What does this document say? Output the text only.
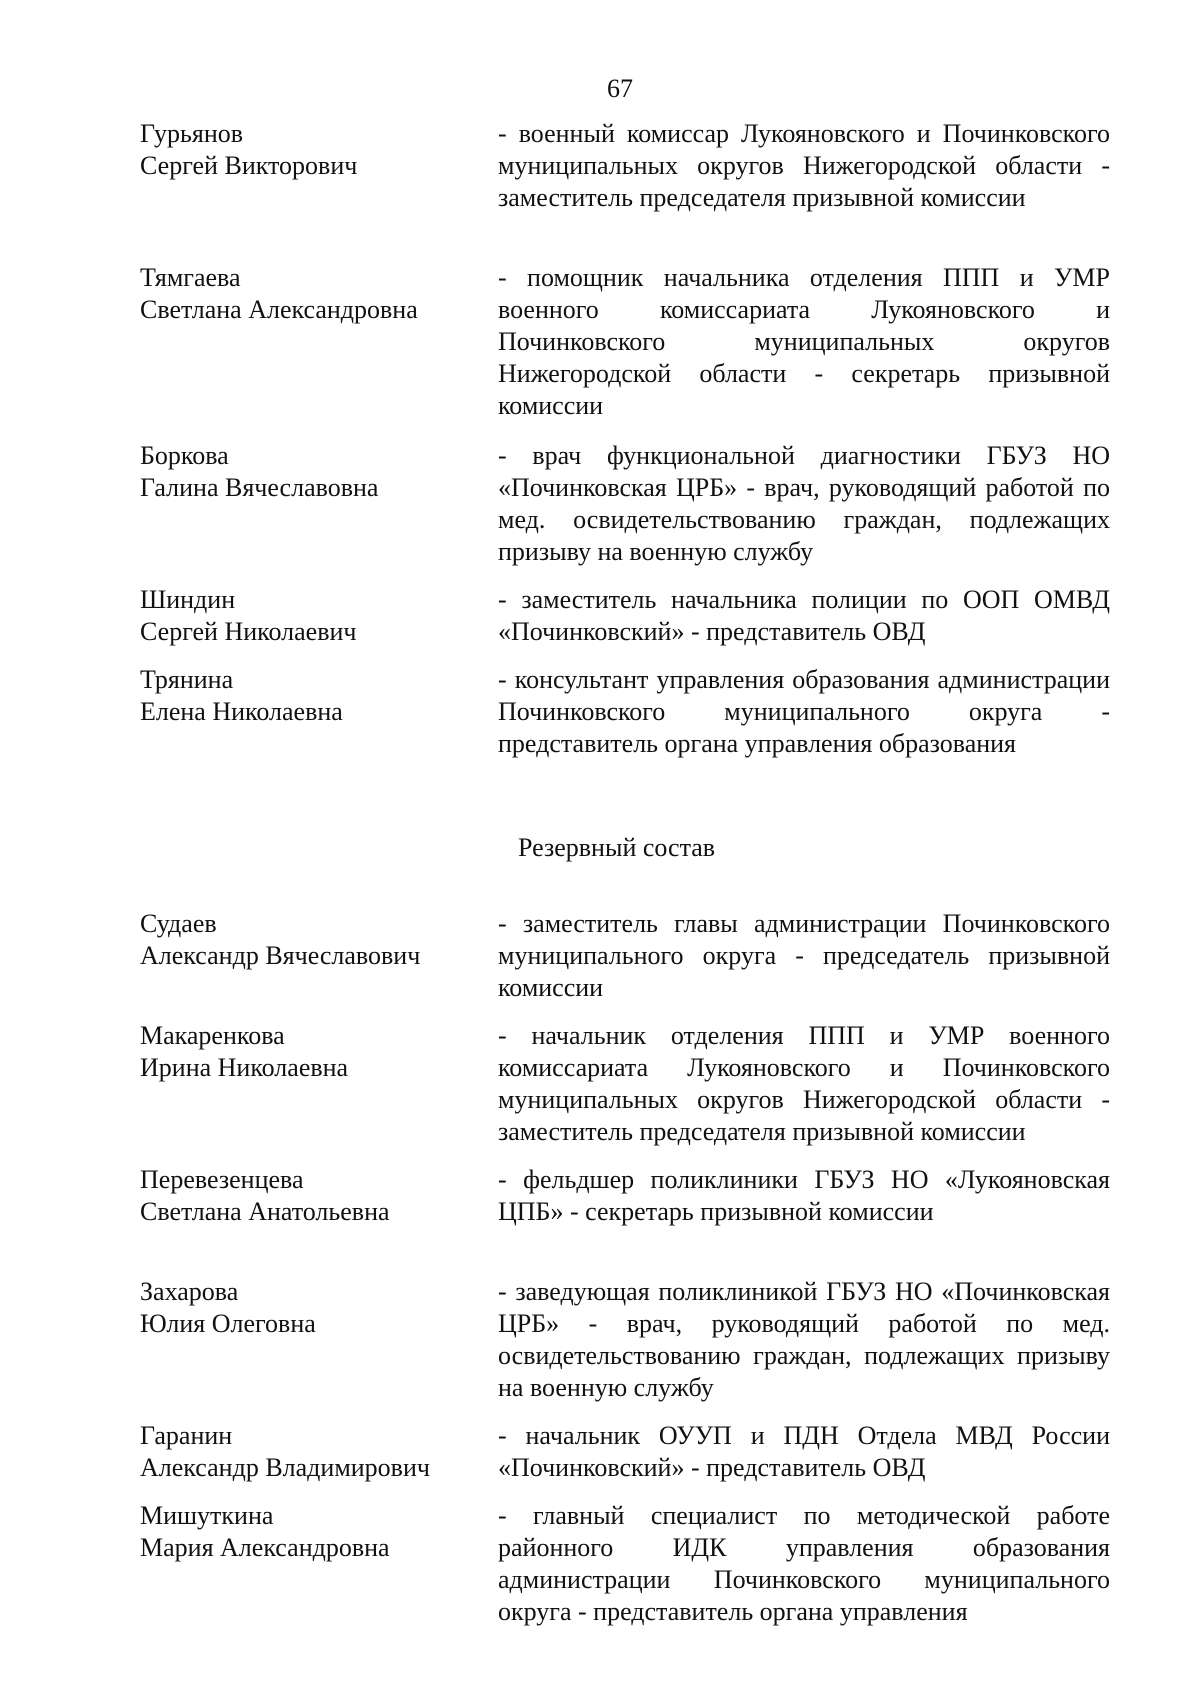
67
Гурьянов
Сергей Викторович
- военный комиссар Лукояновского и Починковского муниципальных округов Нижегородской области - заместитель председателя призывной комиссии
Тямгаева
Светлана Александровна
- помощник начальника отделения ППП и УМР военного комиссариата Лукояновского и Починковского муниципальных округов Нижегородской области - секретарь призывной комиссии
Боркова
Галина Вячеславовна
- врач функциональной диагностики ГБУЗ НО «Починковская ЦРБ» - врач, руководящий работой по мед. освидетельствованию граждан, подлежащих призыву на военную службу
Шиндин
Сергей Николаевич
- заместитель начальника полиции по ООП ОМВД «Починковский» - представитель ОВД
Трянина
Елена Николаевна
- консультант управления образования администрации Починковского муниципального округа - представитель органа управления образования
Резервный состав
Судаев
Александр Вячеславович
- заместитель главы администрации Починковского муниципального округа - председатель призывной комиссии
Макаренкова
Ирина Николаевна
- начальник отделения ППП и УМР военного комиссариата Лукояновского и Починковского муниципальных округов Нижегородской области - заместитель председателя призывной комиссии
Перевезенцева
Светлана Анатольевна
- фельдшер поликлиники ГБУЗ НО «Лукояновская ЦПБ» - секретарь призывной комиссии
Захарова
Юлия Олеговна
- заведующая поликлиникой ГБУЗ НО «Починковская ЦРБ» - врач, руководящий работой по мед. освидетельствованию граждан, подлежащих призыву на военную службу
Гаранин
Александр Владимирович
- начальник ОУУП и ПДН Отдела МВД России «Починковский» - представитель ОВД
Мишуткина
Мария Александровна
- главный специалист по методической работе районного ИДК управления образования администрации Починковского муниципального округа - представитель органа управления
